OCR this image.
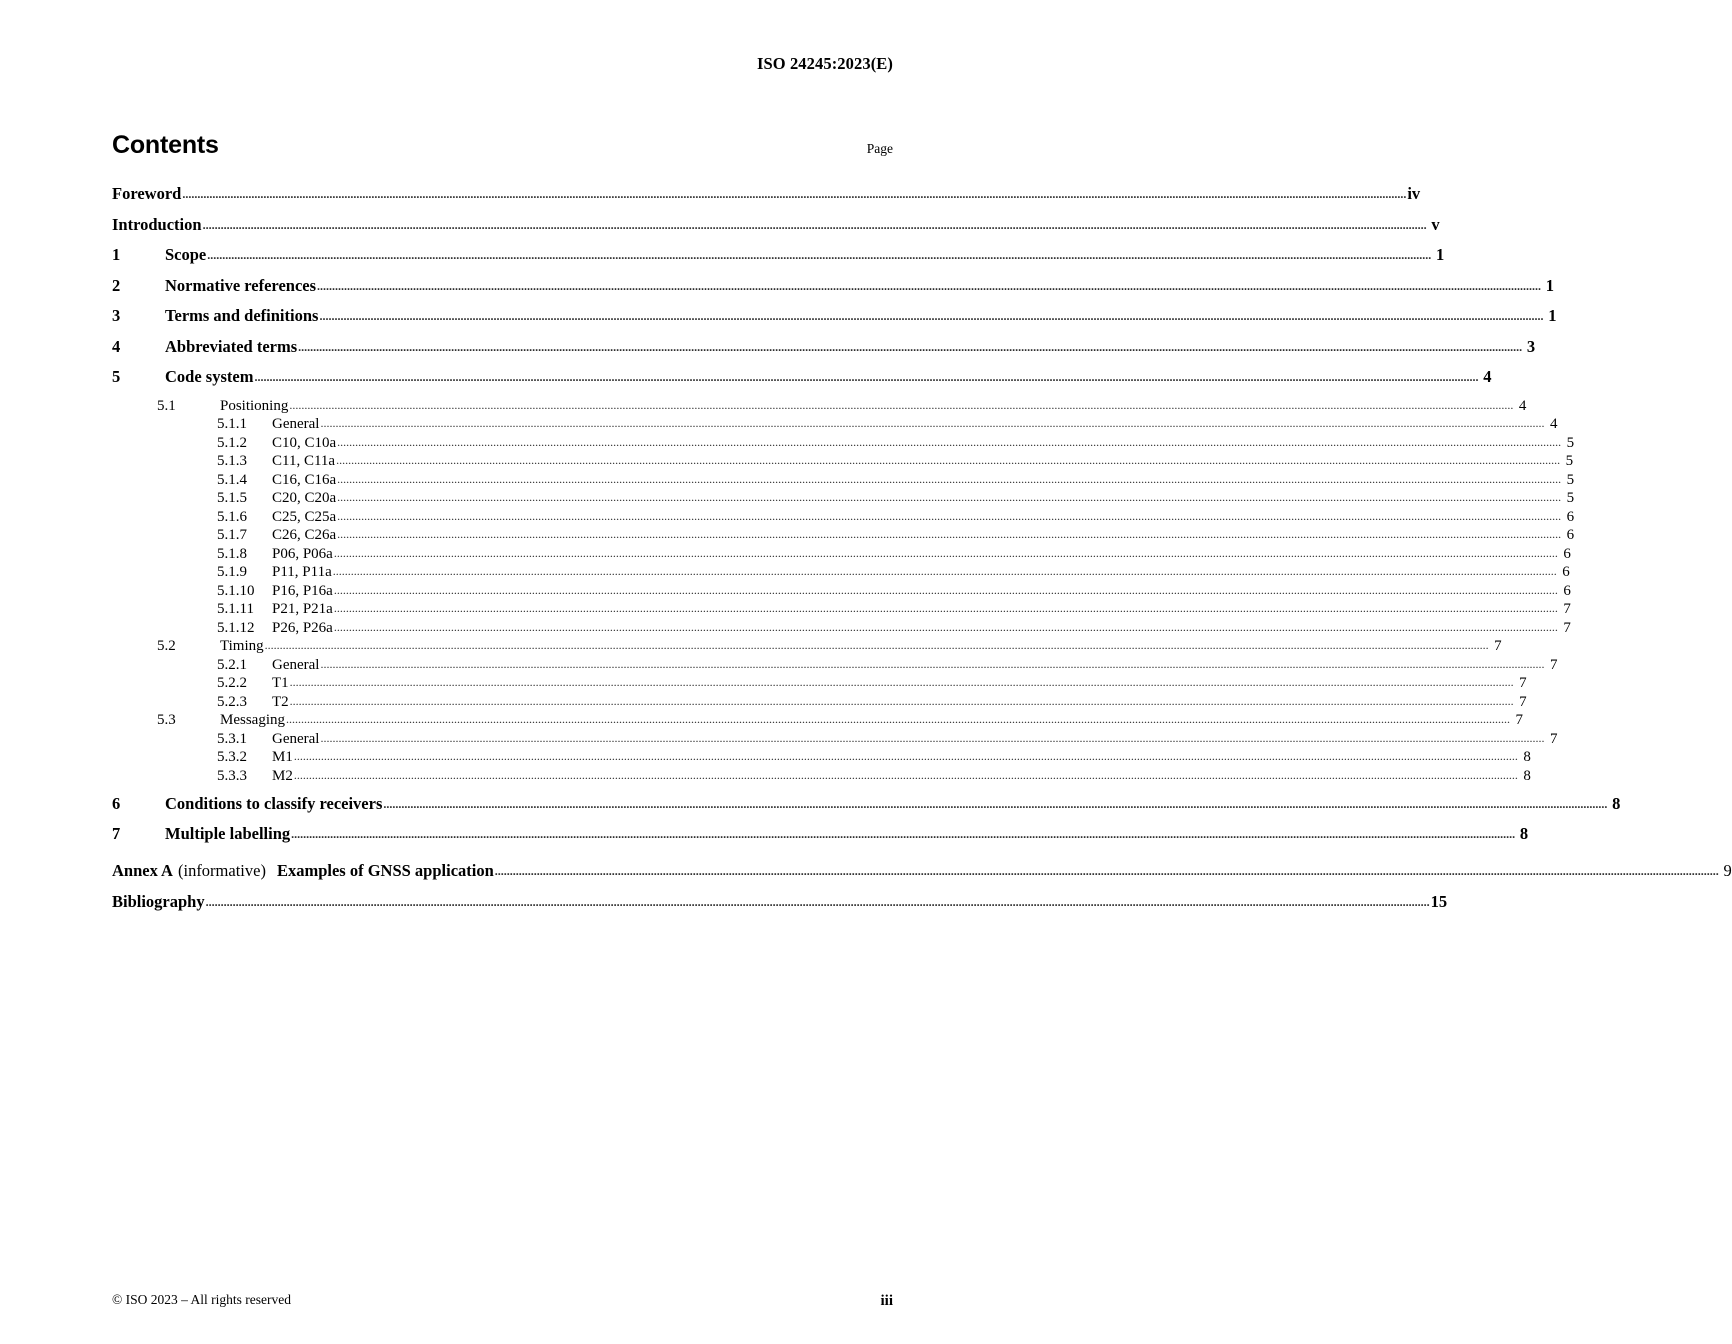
ISO 24245:2023(E)
Contents	Page
Foreword .....	iv
Introduction .....	v
1	Scope .....	1
2	Normative references .....	1
3	Terms and definitions .....	1
4	Abbreviated terms .....	3
5	Code system .....	4
5.1	Positioning .....	4
5.1.1	General .....	4
5.1.2	C10, C10a .....	5
5.1.3	C11, C11a .....	5
5.1.4	C16, C16a .....	5
5.1.5	C20, C20a .....	5
5.1.6	C25, C25a .....	6
5.1.7	C26, C26a .....	6
5.1.8	P06, P06a .....	6
5.1.9	P11, P11a .....	6
5.1.10	P16, P16a .....	6
5.1.11	P21, P21a .....	7
5.1.12	P26, P26a .....	7
5.2	Timing .....	7
5.2.1	General .....	7
5.2.2	T1 .....	7
5.2.3	T2 .....	7
5.3	Messaging .....	7
5.3.1	General .....	7
5.3.2	M1 .....	8
5.3.3	M2 .....	8
6	Conditions to classify receivers .....	8
7	Multiple labelling .....	8
Annex A (informative) Examples of GNSS application .....	9
Bibliography .....	15
© ISO 2023 – All rights reserved	iii
